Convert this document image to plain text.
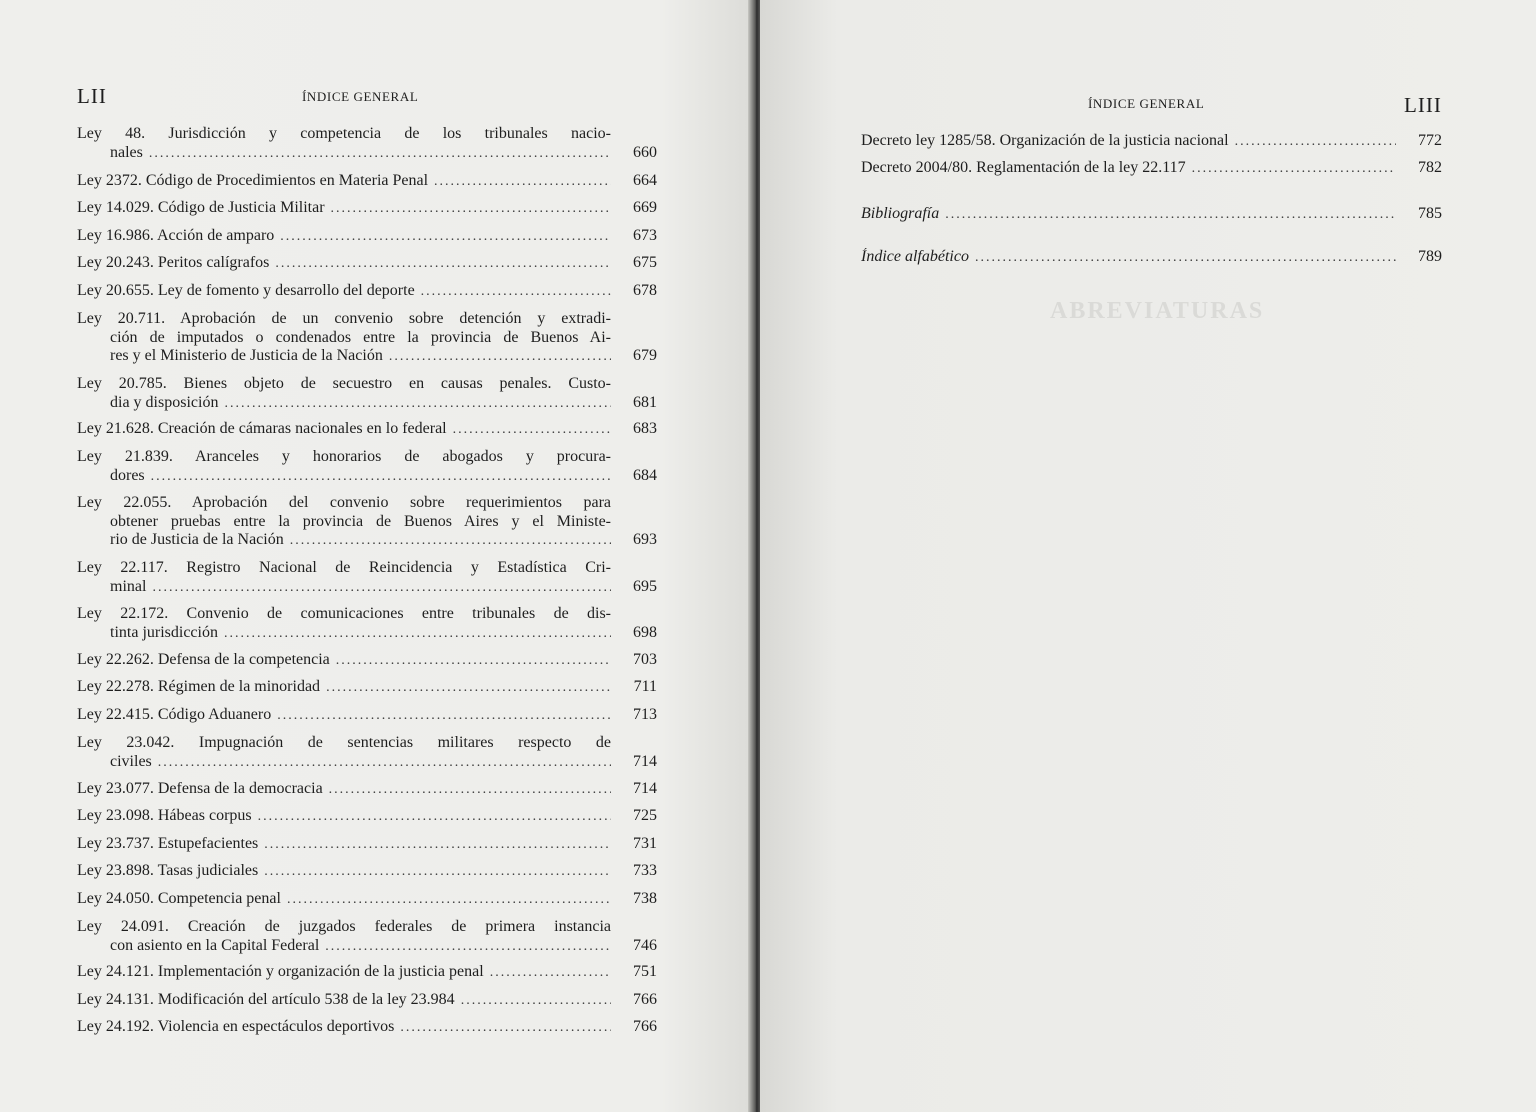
LII	ÍNDICE GENERAL
Ley 48. Jurisdicción y competencia de los tribunales nacio-
nales .....	660
Ley 2372. Código de Procedimientos en Materia Penal .....	664
Ley 14.029. Código de Justicia Militar .....	669
Ley 16.986. Acción de amparo .....	673
Ley 20.243. Peritos calígrafos .....	675
Ley 20.655. Ley de fomento y desarrollo del deporte .....	678
Ley 20.711. Aprobación de un convenio sobre detención y extradi-
ción de imputados o condenados entre la provincia de Buenos Ai-
res y el Ministerio de Justicia de la Nación .....	679
Ley 20.785. Bienes objeto de secuestro en causas penales. Custo-
dia y disposición .....	681
Ley 21.628. Creación de cámaras nacionales en lo federal .....	683
Ley 21.839. Aranceles y honorarios de abogados y procura-
dores .....	684
Ley 22.055. Aprobación del convenio sobre requerimientos para
obtener pruebas entre la provincia de Buenos Aires y el Ministe-
rio de Justicia de la Nación .....	693
Ley 22.117. Registro Nacional de Reincidencia y Estadística Cri-
minal .....	695
Ley 22.172. Convenio de comunicaciones entre tribunales de dis-
tinta jurisdicción .....	698
Ley 22.262. Defensa de la competencia .....	703
Ley 22.278. Régimen de la minoridad .....	711
Ley 22.415. Código Aduanero .....	713
Ley 23.042. Impugnación de sentencias militares respecto de
civiles .....	714
Ley 23.077. Defensa de la democracia .....	714
Ley 23.098. Hábeas corpus .....	725
Ley 23.737. Estupefacientes .....	731
Ley 23.898. Tasas judiciales .....	733
Ley 24.050. Competencia penal .....	738
Ley 24.091. Creación de juzgados federales de primera instancia
con asiento en la Capital Federal .....	746
Ley 24.121. Implementación y organización de la justicia penal .....	751
Ley 24.131. Modificación del artículo 538 de la ley 23.984 .....	766
Ley 24.192. Violencia en espectáculos deportivos .....	766
ÍNDICE GENERAL	LIII
Decreto ley 1285/58. Organización de la justicia nacional .....	772
Decreto 2004/80. Reglamentación de la ley 22.117 .....	782
Bibliografía .....	785
Índice alfabético .....	789
ABREVIATURAS
